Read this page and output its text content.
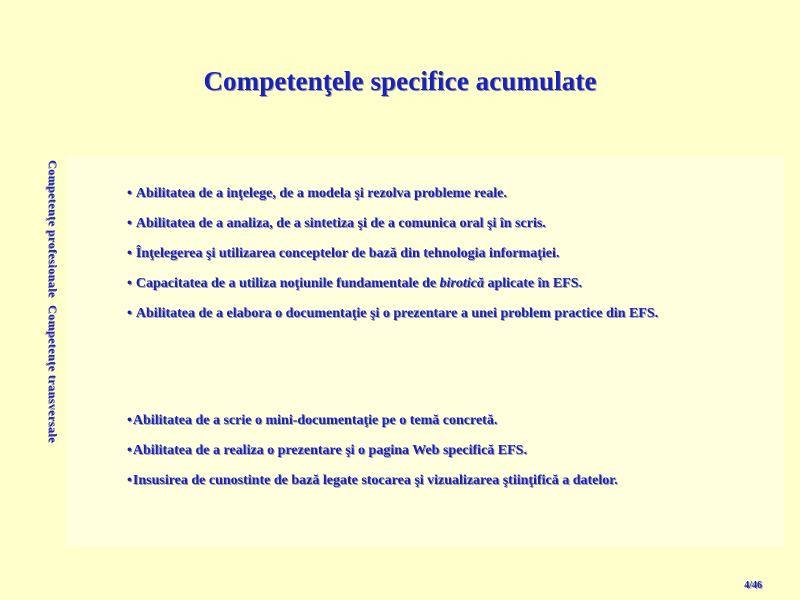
Competenţele specifice acumulate
Competenţe profesionaleCompetenţe transversale
• Abilitatea de a inţelege, de a modela şi rezolva probleme reale.
• Abilitatea de a analiza, de a sintetiza şi de a comunica oral şi în scris.
• Înţelegerea şi utilizarea conceptelor de bază din tehnologia informaţiei.
• Capacitatea de a utiliza noţiunile fundamentale de birotică aplicate în EFS.
• Abilitatea de a elabora o documentaţie şi o prezentare a unei problem practice din EFS.
•Abilitatea de a scrie o mini-documentaţie pe o temă concretă.
•Abilitatea de a realiza o prezentare şi o pagina Web specifică EFS.
•Insusirea de cunostinte de bază legate stocarea şi vizualizarea ştiinţifică a datelor.
4/46
